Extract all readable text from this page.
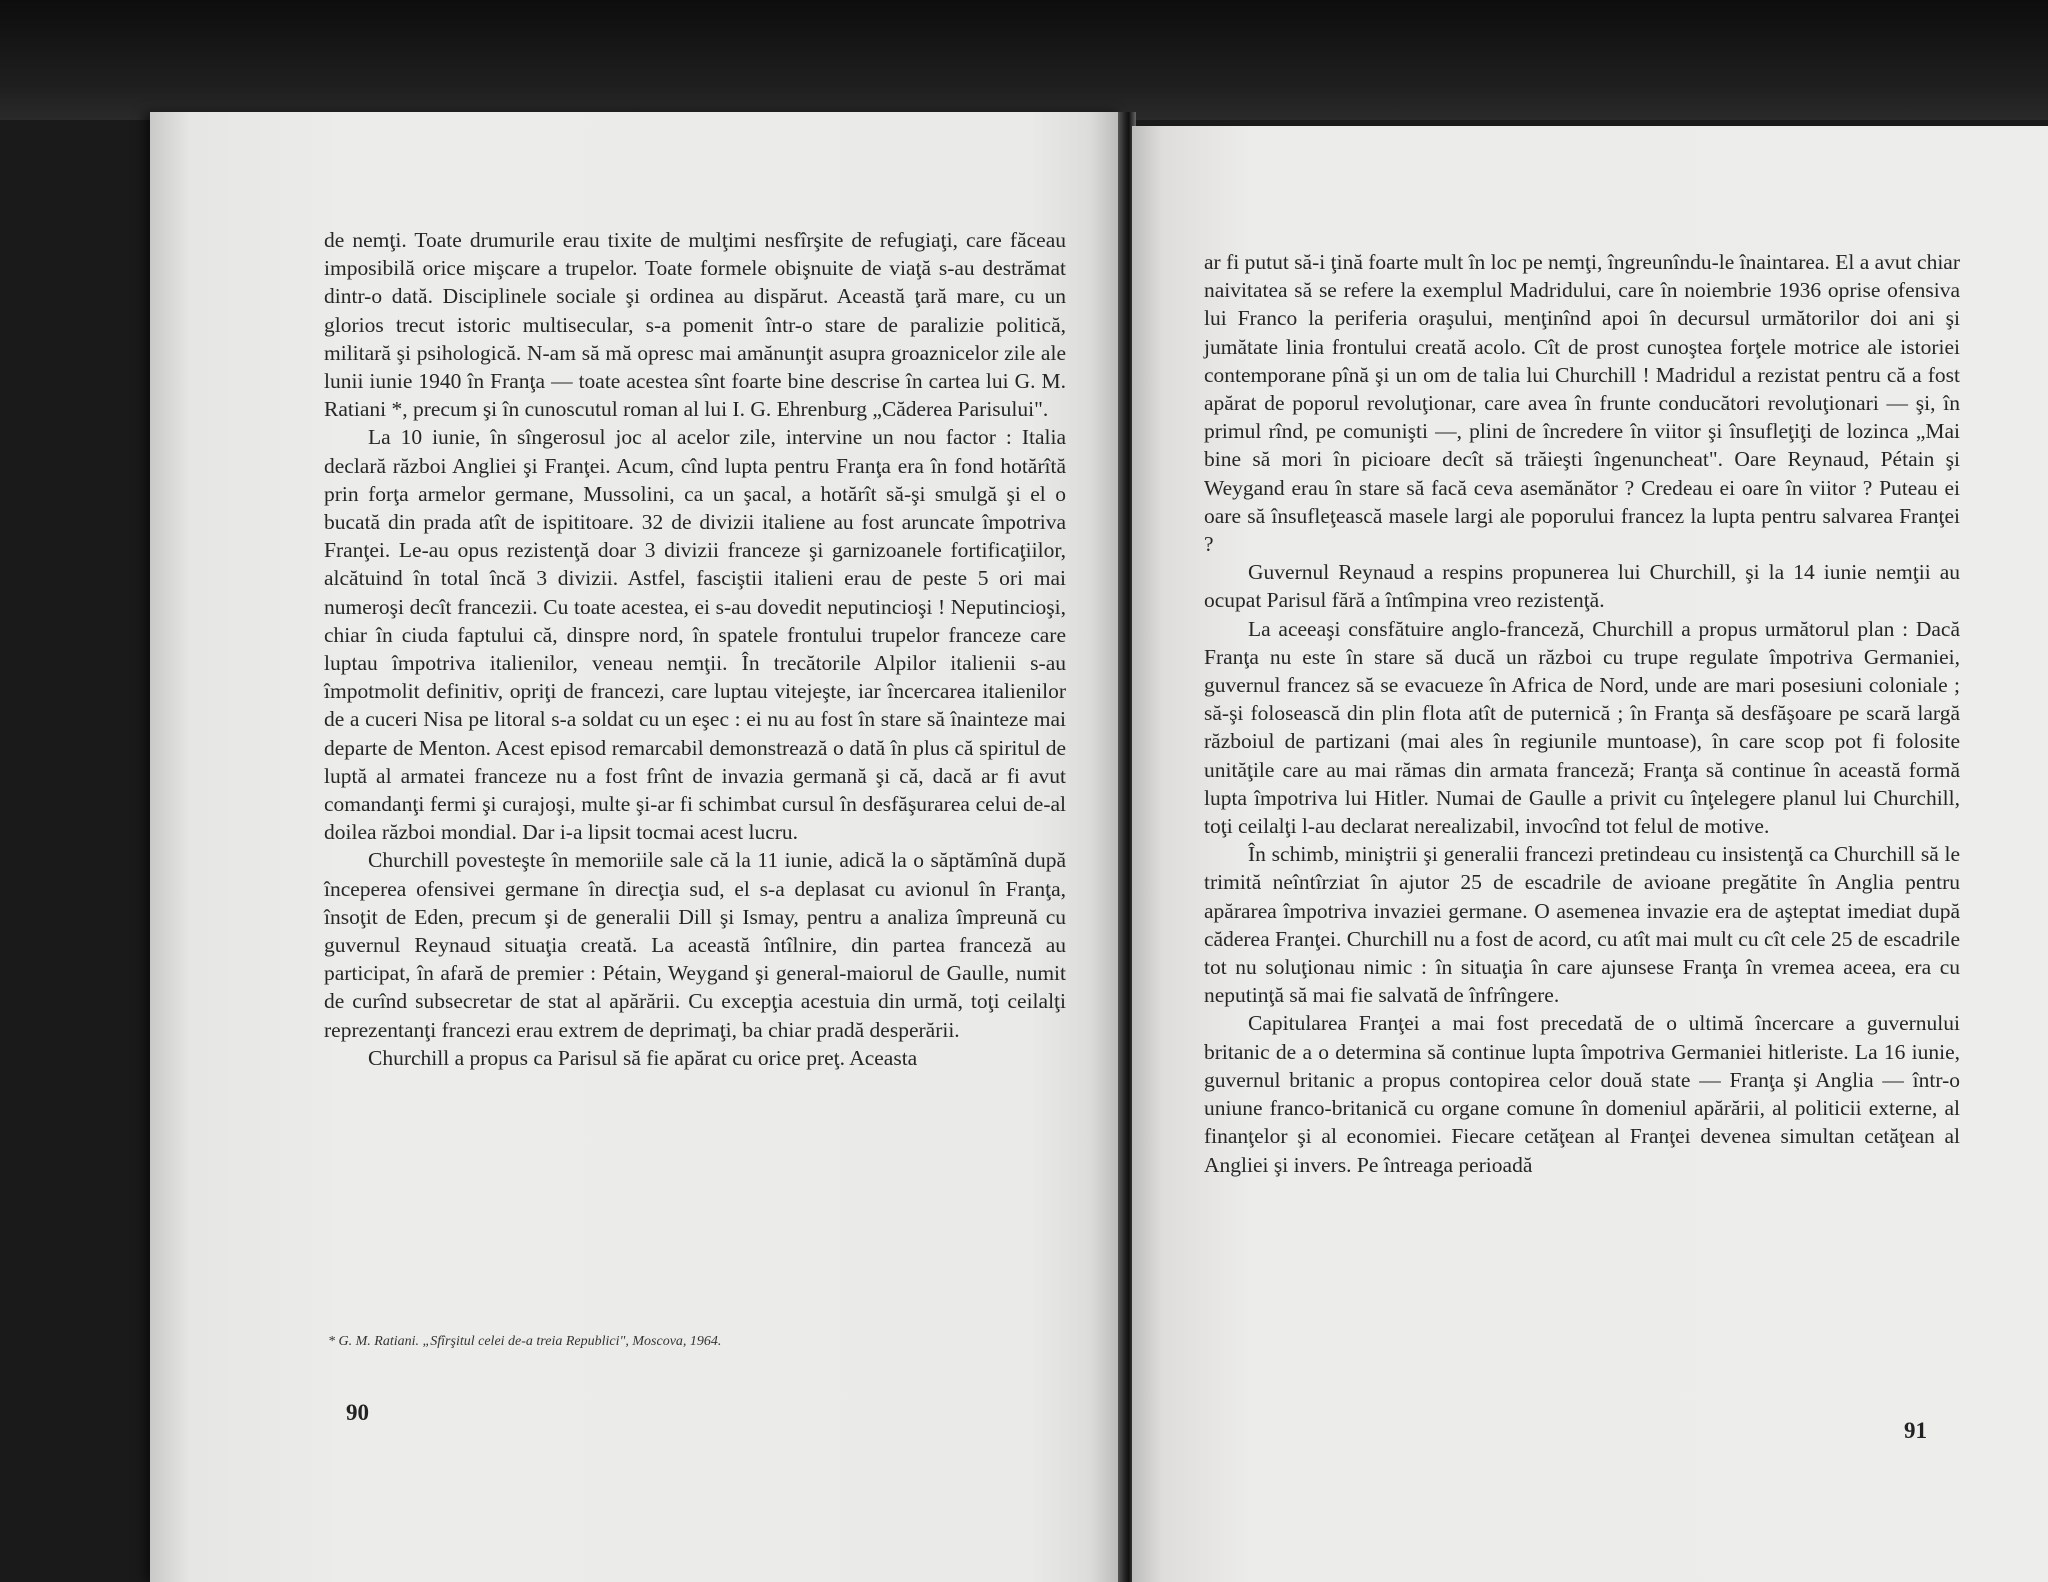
de nemţi. Toate drumurile erau tixite de mulţimi nesfîrşite de refugiaţi, care făceau imposibilă orice mişcare a trupelor. Toate formele obişnuite de viaţă s-au destrămat dintr-o dată. Disciplinele sociale şi ordinea au dispărut. Această ţară mare, cu un glorios trecut istoric multisecular, s-a pomenit într-o stare de paralizie politică, militară şi psihologică. N-am să mă opresc mai amănunţit asupra groaznicelor zile ale lunii iunie 1940 în Franţa — toate acestea sînt foarte bine descrise în cartea lui G. M. Ratiani *, precum şi în cunoscutul roman al lui I. G. Ehrenburg „Căderea Parisului".

La 10 iunie, în sîngerosul joc al acelor zile, intervine un nou factor : Italia declară război Angliei şi Franţei. Acum, cînd lupta pentru Franţa era în fond hotărîtă prin forţa armelor germane, Mussolini, ca un şacal, a hotărît să-şi smulgă şi el o bucată din prada atît de ispititoare. 32 de divizii italiene au fost aruncate împotriva Franţei. Le-au opus rezistenţă doar 3 divizii franceze şi garnizoanele fortificaţiilor, alcătuind în total încă 3 divizii. Astfel, fasciştii italieni erau de peste 5 ori mai numeroşi decît francezii. Cu toate acestea, ei s-au dovedit neputincioşi ! Neputincioşi, chiar în ciuda faptului că, dinspre nord, în spatele frontului trupelor franceze care luptau împotriva italienilor, veneau nemţii. În trecătorile Alpilor italienii s-au împotmolit definitiv, opriţi de francezi, care luptau vitejeşte, iar încercarea italienilor de a cuceri Nisa pe litoral s-a soldat cu un eşec : ei nu au fost în stare să înainteze mai departe de Menton. Acest episod remarcabil demonstrează o dată în plus că spiritul de luptă al armatei franceze nu a fost frînt de invazia germană şi că, dacă ar fi avut comandanţi fermi şi curajoşi, multe şi-ar fi schimbat cursul în desfăşurarea celui de-al doilea război mondial. Dar i-a lipsit tocmai acest lucru.

Churchill povesteşte în memoriile sale că la 11 iunie, adică la o săptămînă după începerea ofensivei germane în direcţia sud, el s-a deplasat cu avionul în Franţa, însoţit de Eden, precum şi de generalii Dill şi Ismay, pentru a analiza împreună cu guvernul Reynaud situaţia creată. La această întîlnire, din partea franceză au participat, în afară de premier : Pétain, Weygand şi general-maiorul de Gaulle, numit de curînd subsecretar de stat al apărării. Cu excepţia acestuia din urmă, toţi ceilalţi reprezentanţi francezi erau extrem de deprimaţi, ba chiar pradă desperării.

Churchill a propus ca Parisul să fie apărat cu orice preţ. Aceasta

* G. M. Ratiani. „Sfîrşitul celei de-a treia Republici", Moscova, 1964.
90

ar fi putut să-i ţină foarte mult în loc pe nemţi, îngreunîndu-le înaintarea. El a avut chiar naivitatea să se refere la exemplul Madridului, care în noiembrie 1936 oprise ofensiva lui Franco la periferia oraşului, menţinînd apoi în decursul următorilor doi ani şi jumătate linia frontului creată acolo. Cît de prost cunoştea forţele motrice ale istoriei contemporane pînă şi un om de talia lui Churchill ! Madridul a rezistat pentru că a fost apărat de poporul revoluţionar, care avea în frunte conducători revoluţionari — şi, în primul rînd, pe comunişti —, plini de încredere în viitor şi însufleţiţi de lozinca „Mai bine să mori în picioare decît să trăieşti îngenuncheat". Oare Reynaud, Pétain şi Weygand erau în stare să facă ceva asemănător ? Credeau ei oare în viitor ? Puteau ei oare să însufleţească masele largi ale poporului francez la lupta pentru salvarea Franţei ?

Guvernul Reynaud a respins propunerea lui Churchill, şi la 14 iunie nemţii au ocupat Parisul fără a întîmpina vreo rezistenţă.

La aceeaşi consfătuire anglo-franceză, Churchill a propus următorul plan : Dacă Franţa nu este în stare să ducă un război cu trupe regulate împotriva Germaniei, guvernul francez să se evacueze în Africa de Nord, unde are mari posesiuni coloniale ; să-şi folosească din plin flota atît de puternică ; în Franţa să desfăşoare pe scară largă războiul de partizani (mai ales în regiunile muntoase), în care scop pot fi folosite unităţile care au mai rămas din armata franceză; Franţa să continue în această formă lupta împotriva lui Hitler. Numai de Gaulle a privit cu înţelegere planul lui Churchill, toţi ceilalţi l-au declarat nerealizabil, invocînd tot felul de motive.

În schimb, miniştrii şi generalii francezi pretindeau cu insistenţă ca Churchill să le trimită neîntîrziat în ajutor 25 de escadrile de avioane pregătite în Anglia pentru apărarea împotriva invaziei germane. O asemenea invazie era de aşteptat imediat după căderea Franţei. Churchill nu a fost de acord, cu atît mai mult cu cît cele 25 de escadrile tot nu soluţionau nimic : în situaţia în care ajunsese Franţa în vremea aceea, era cu neputinţă să mai fie salvată de înfrîngere.

Capitularea Franţei a mai fost precedată de o ultimă încercare a guvernului britanic de a o determina să continue lupta împotriva Germaniei hitleriste. La 16 iunie, guvernul britanic a propus contopirea celor două state — Franţa şi Anglia — într-o uniune franco-britanică cu organe comune în domeniul apărării, al politicii externe, al finanţelor şi al economiei. Fiecare cetăţean al Franţei devenea simultan cetăţean al Angliei şi invers. Pe întreaga perioadă

91
